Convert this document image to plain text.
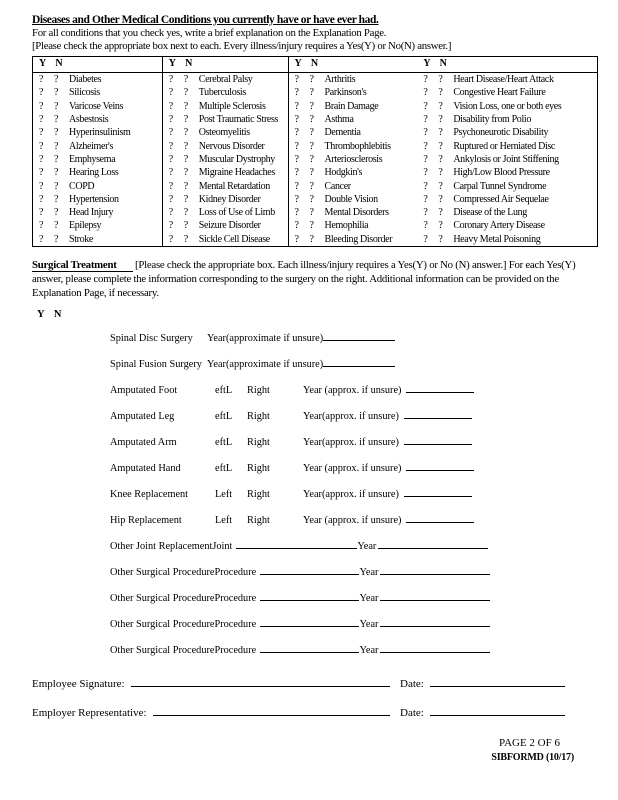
Diseases and Other Medical Conditions you currently have or have ever had.
For all conditions that you check yes, write a brief explanation on the Explanation Page.
[Please check the appropriate box next to each. Every illness/injury requires a Yes(Y) or No(N) answer.]
Y N
?	?	Diabetes
?	?	Silicosis
?	?	Varicose Veins
?	?	Asbestosis
?	?	Hyperinsulinism
?	?	Alzheimer's
?	?	Emphysema
?	?	Hearing Loss
?	?	COPD
?	?	Hypertension
?	?	Head Injury
?	?	Epilepsy
?	?	Stroke
Y N
?	?	Cerebral Palsy
?	?	Tuberculosis
?	?	Multiple Sclerosis
?	?	Post Traumatic Stress
?	?	Osteomyelitis
?	?	Nervous Disorder
?	?	Muscular Dystrophy
?	?	Migraine Headaches
?	?	Mental Retardation
?	?	Kidney Disorder
?	?	Loss of Use of Limb
?	?	Seizure Disorder
?	?	Sickle Cell Disease
Y N
?	?	Arthritis
?	?	Parkinson's
?	?	Brain Damage
?	?	Asthma
?	?	Dementia
?	?	Thrombophlebitis
?	?	Arteriosclerosis
?	?	Hodgkin's
?	?	Cancer
?	?	Double Vision
?	?	Mental Disorders
?	?	Hemophilia
?	?	Bleeding Disorder
Y N
?	?	Heart Disease/Heart Attack
?	?	Congestive Heart Failure
?	?	Vision Loss, one or both eyes
?	?	Disability from Polio
?	?	Psychoneurotic Disability
?	?	Ruptured or Herniated Disc
?	?	Ankylosis or Joint Stiffening
?	?	High/Low Blood Pressure
?	?	Carpal Tunnel Syndrome
?	?	Compressed Air Sequelae
?	?	Disease of the Lung
?	?	Coronary Artery Disease
?	?	Heavy Metal Poisoning

Surgical Treatment [Please check the appropriate box. Each illness/injury requires a Yes(Y) or No (N) answer.] For each Yes(Y) answer, please complete the information corresponding to the surgery on the right. Additional information can be provided on the Explanation Page, if necessary.

Y N
Spinal Disc Surgery	Year(approximate if unsure)
Spinal Fusion Surgery Year(approximate if unsure)
Amputated Foot	eftL	Right	Year (approx. if unsure)
Amputated Leg	eftL	Right	Year(approx. if unsure)
Amputated Arm	eftL	Right	Year(approx. if unsure)
Amputated Hand	eftL	Right	Year (approx. if unsure)
Knee Replacement	Left	Right	Year(approx. if unsure)
Hip Replacement	Left	Right	Year (approx. if unsure)
Other Joint Replacement Joint	Year
Other Surgical Procedure Procedure	Year
Other Surgical Procedure Procedure	Year
Other Surgical Procedure Procedure	Year
Other Surgical Procedure Procedure	Year
Employee Signature:	Date:
Employer Representative:	Date:
PAGE 2 OF 6
SIBFORMD (10/17)
